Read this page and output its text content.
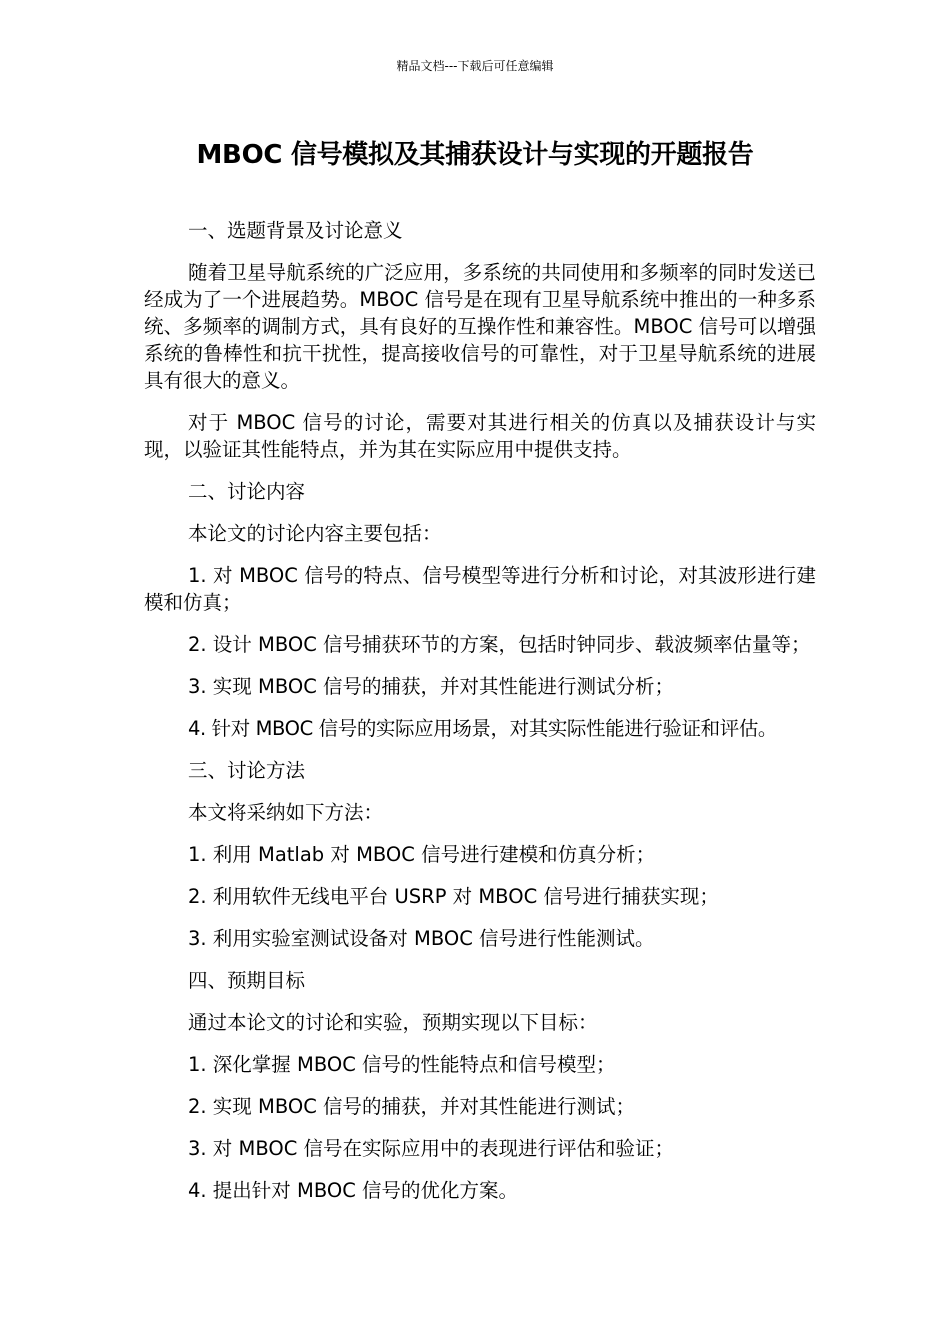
精品文档---下载后可任意编辑
MBOC 信号模拟及其捕获设计与实现的开题报告

一、选题背景及讨论意义

随着卫星导航系统的广泛应用，多系统的共同使用和多频率的同时发送已经成为了一个进展趋势。MBOC 信号是在现有卫星导航系统中推出的一种多系统、多频率的调制方式，具有良好的互操作性和兼容性。MBOC 信号可以增强系统的鲁棒性和抗干扰性，提高接收信号的可靠性，对于卫星导航系统的进展具有很大的意义。

对于 MBOC 信号的讨论，需要对其进行相关的仿真以及捕获设计与实现，以验证其性能特点，并为其在实际应用中提供支持。

二、讨论内容

本论文的讨论内容主要包括：

1. 对 MBOC 信号的特点、信号模型等进行分析和讨论，对其波形进行建模和仿真；

2. 设计 MBOC 信号捕获环节的方案，包括时钟同步、载波频率估量等；

3. 实现 MBOC 信号的捕获，并对其性能进行测试分析；

4. 针对 MBOC 信号的实际应用场景，对其实际性能进行验证和评估。

三、讨论方法

本文将采纳如下方法：

1. 利用 Matlab 对 MBOC 信号进行建模和仿真分析；

2. 利用软件无线电平台 USRP 对 MBOC 信号进行捕获实现；

3. 利用实验室测试设备对 MBOC 信号进行性能测试。

四、预期目标

通过本论文的讨论和实验，预期实现以下目标：

1. 深化掌握 MBOC 信号的性能特点和信号模型；

2. 实现 MBOC 信号的捕获，并对其性能进行测试；

3. 对 MBOC 信号在实际应用中的表现进行评估和验证；

4. 提出针对 MBOC 信号的优化方案。
